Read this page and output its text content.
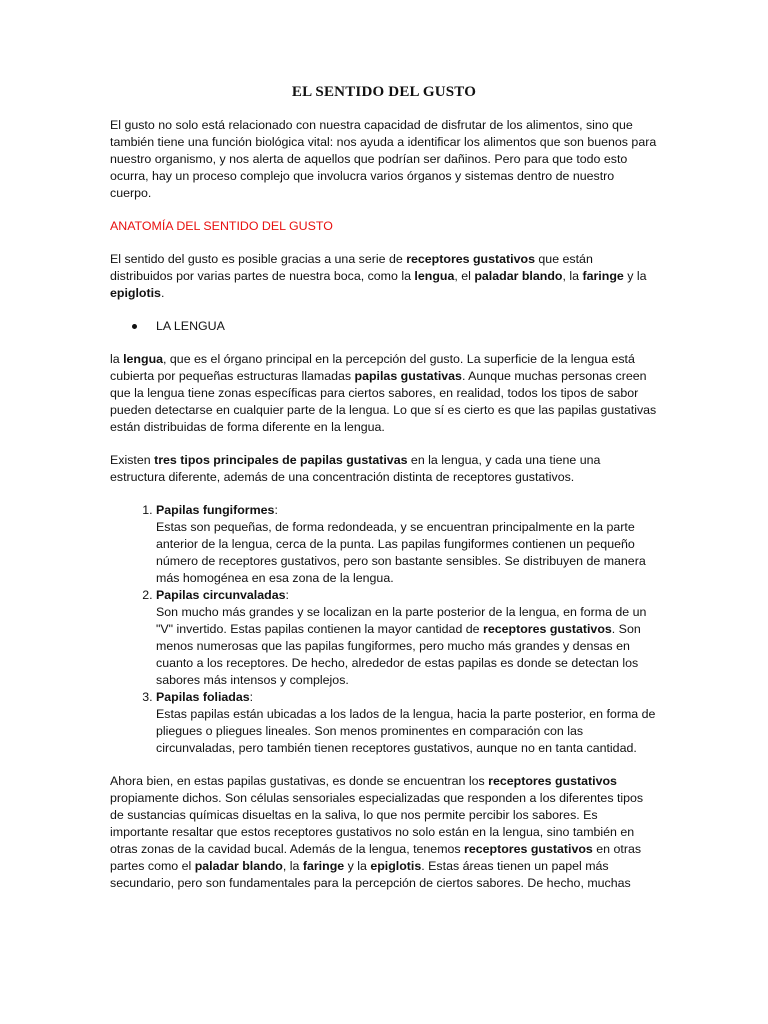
EL SENTIDO DEL GUSTO

El gusto no solo está relacionado con nuestra capacidad de disfrutar de los alimentos, sino que también tiene una función biológica vital: nos ayuda a identificar los alimentos que son buenos para nuestro organismo, y nos alerta de aquellos que podrían ser dañinos. Pero para que todo esto ocurra, hay un proceso complejo que involucra varios órganos y sistemas dentro de nuestro cuerpo.

ANATOMÍA DEL SENTIDO DEL GUSTO

El sentido del gusto es posible gracias a una serie de receptores gustativos que están distribuidos por varias partes de nuestra boca, como la lengua, el paladar blando, la faringe y la epiglotis.

LA LENGUA

la lengua, que es el órgano principal en la percepción del gusto. La superficie de la lengua está cubierta por pequeñas estructuras llamadas papilas gustativas. Aunque muchas personas creen que la lengua tiene zonas específicas para ciertos sabores, en realidad, todos los tipos de sabor pueden detectarse en cualquier parte de la lengua. Lo que sí es cierto es que las papilas gustativas están distribuidas de forma diferente en la lengua.

Existen tres tipos principales de papilas gustativas en la lengua, y cada una tiene una estructura diferente, además de una concentración distinta de receptores gustativos.

1. Papilas fungiformes:
Estas son pequeñas, de forma redondeada, y se encuentran principalmente en la parte anterior de la lengua, cerca de la punta. Las papilas fungiformes contienen un pequeño número de receptores gustativos, pero son bastante sensibles. Se distribuyen de manera más homogénea en esa zona de la lengua.
2. Papilas circunvaladas:
Son mucho más grandes y se localizan en la parte posterior de la lengua, en forma de un "V" invertido. Estas papilas contienen la mayor cantidad de receptores gustativos. Son menos numerosas que las papilas fungiformes, pero mucho más grandes y densas en cuanto a los receptores. De hecho, alrededor de estas papilas es donde se detectan los sabores más intensos y complejos.
3. Papilas foliadas:
Estas papilas están ubicadas a los lados de la lengua, hacia la parte posterior, en forma de pliegues o pliegues lineales. Son menos prominentes en comparación con las circunvaladas, pero también tienen receptores gustativos, aunque no en tanta cantidad.

Ahora bien, en estas papilas gustativas, es donde se encuentran los receptores gustativos propiamente dichos. Son células sensoriales especializadas que responden a los diferentes tipos de sustancias químicas disueltas en la saliva, lo que nos permite percibir los sabores. Es importante resaltar que estos receptores gustativos no solo están en la lengua, sino también en otras zonas de la cavidad bucal. Además de la lengua, tenemos receptores gustativos en otras partes como el paladar blando, la faringe y la epiglotis. Estas áreas tienen un papel más secundario, pero son fundamentales para la percepción de ciertos sabores. De hecho, muchas
